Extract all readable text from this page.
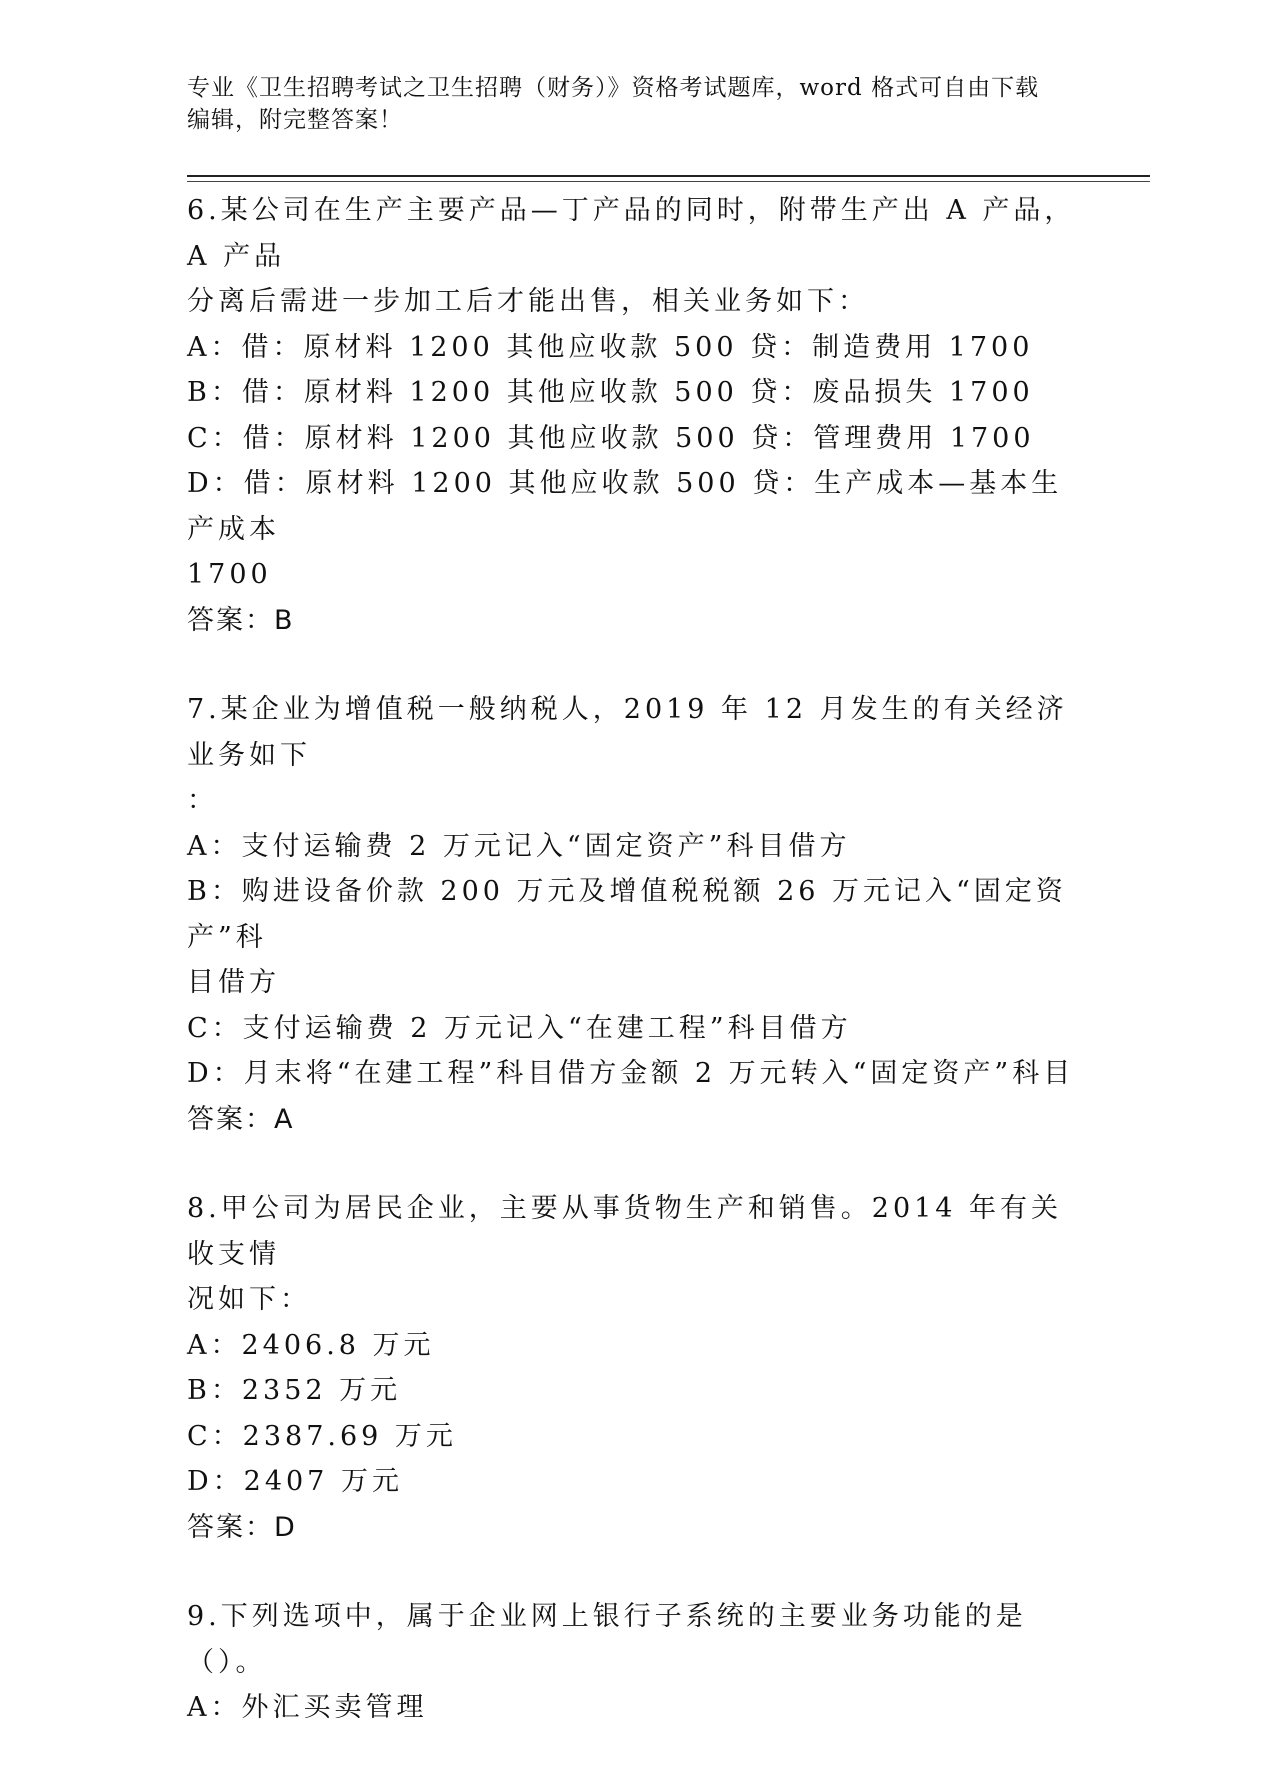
专业《卫生招聘考试之卫生招聘（财务）》资格考试题库，word 格式可自由下载
编辑，附完整答案！
6.某公司在生产主要产品—丁产品的同时，附带生产出 A 产品，A 产品
分离后需进一步加工后才能出售，相关业务如下：
A：借：原材料 1200 其他应收款 500 贷：制造费用 1700
B：借：原材料 1200 其他应收款 500 贷：废品损失 1700
C：借：原材料 1200 其他应收款 500 贷：管理费用 1700
D：借：原材料 1200 其他应收款 500 贷：生产成本—基本生产成本
1700
答案：B
7.某企业为增值税一般纳税人，2019 年 12 月发生的有关经济业务如下
：
A：支付运输费 2 万元记入“固定资产”科目借方
B：购进设备价款 200 万元及增值税税额 26 万元记入“固定资产”科
目借方
C：支付运输费 2 万元记入“在建工程”科目借方
D：月末将“在建工程”科目借方金额 2 万元转入“固定资产”科目
答案：A
8.甲公司为居民企业，主要从事货物生产和销售。2014 年有关收支情
况如下：
A：2406.8 万元
B：2352 万元
C：2387.69 万元
D：2407 万元
答案：D
9.下列选项中，属于企业网上银行子系统的主要业务功能的是（）。
A：外汇买卖管理
